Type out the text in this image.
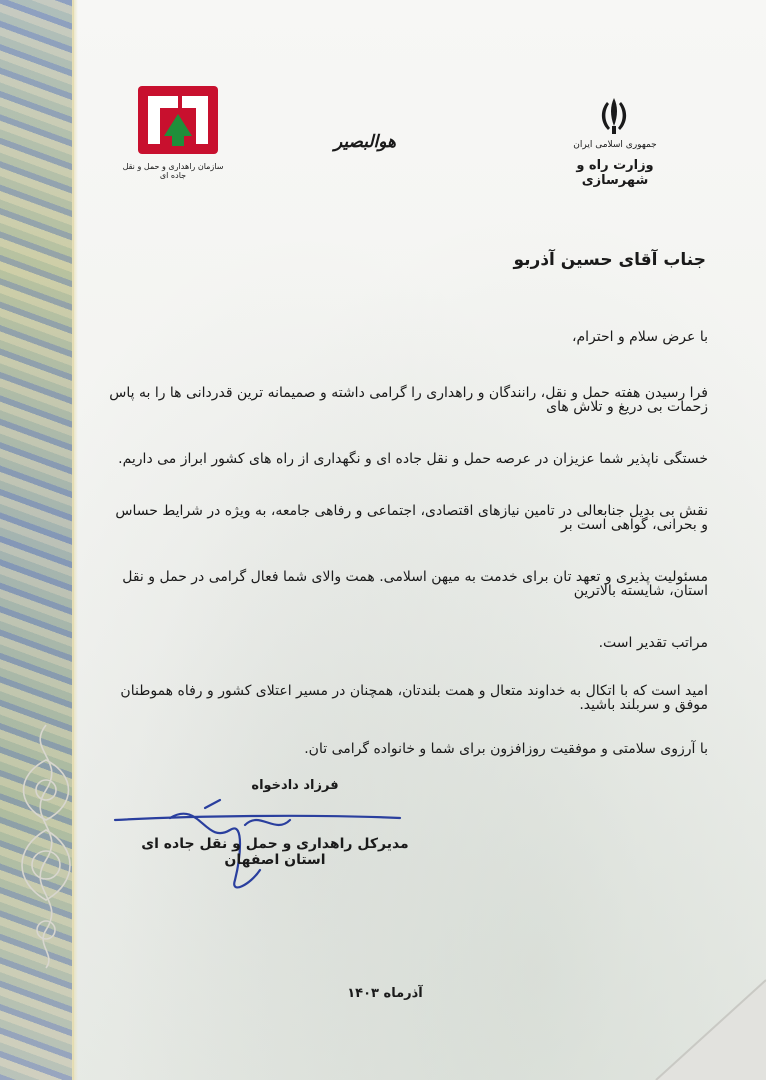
سازمان راهداری و حمل و نقل جاده ای
جمهوری اسلامی ایران
وزارت راه و شهرسازی
هوالبصیر
جناب آقای حسین آذربو

با عرض سلام و احترام،

فرا رسیدن هفته حمل و نقل، رانندگان و راهداری را گرامی داشته و صمیمانه ترین قدردانی ها را به پاس زحمات بی دریغ و تلاش های

خستگی ناپذیر شما عزیزان در عرصه حمل و نقل جاده ای و نگهداری از راه های کشور ابراز می داریم.

نقش بی بدیل جنابعالی در تامین نیازهای اقتصادی، اجتماعی و رفاهی جامعه، به ویژه در شرایط حساس و بحرانی، گواهی است بر

مسئولیت پذیری و تعهد تان برای خدمت به میهن اسلامی. همت والای شما فعال گرامی در حمل و نقل استان، شایسته بالاترین

مراتب تقدیر است.

امید است که با اتکال به خداوند متعال و همت بلندتان، همچنان در مسیر اعتلای کشور و رفاه هموطنان موفق و سربلند باشید.

با آرزوی سلامتی و موفقیت روزافزون برای شما و خانواده گرامی تان.

فرزاد دادخواه
مدیرکل راهداری و حمل و نقل جاده ای استان اصفهان
آذرماه ۱۴۰۳
